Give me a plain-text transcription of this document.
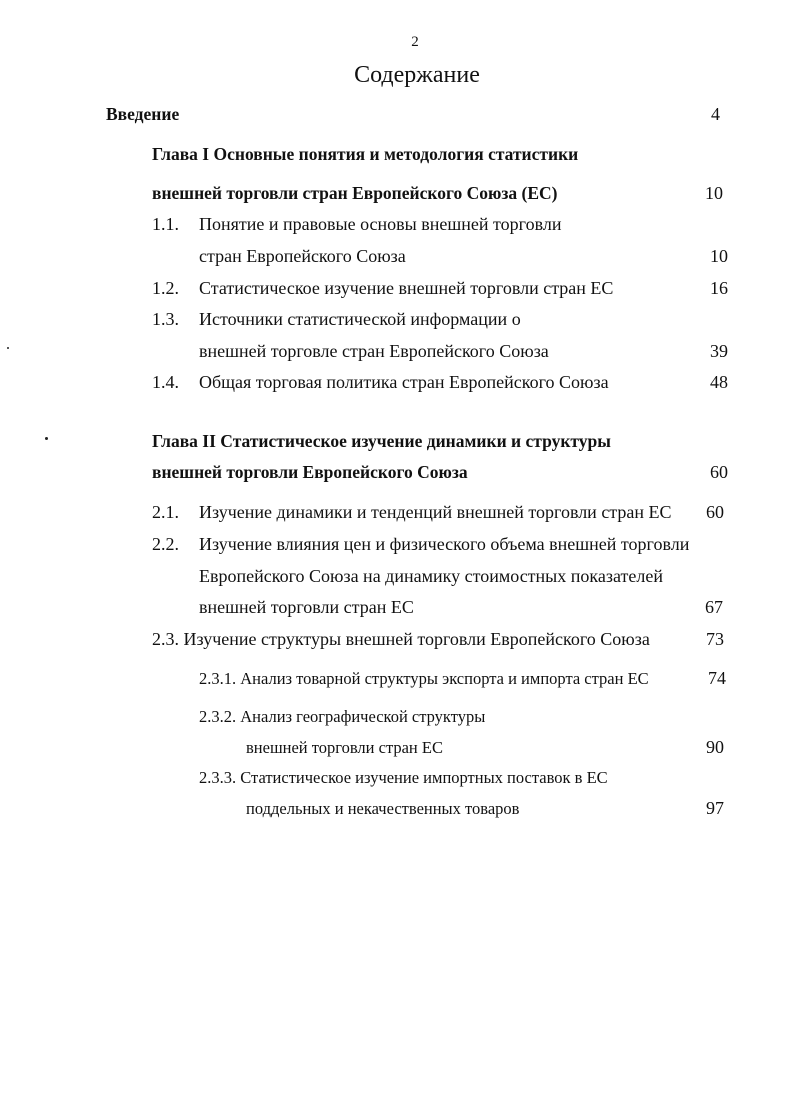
2
Содержание
Введение	4
Глава I Основные понятия и методология статистики
внешней торговли стран Европейского Союза (ЕС)	10
1.1. Понятие и правовые основы внешней торговли
стран Европейского Союза	10
1.2. Статистическое изучение внешней торговли стран ЕС	16
1.3. Источники статистической информации о
внешней торговле стран Европейского Союза	39
1.4. Общая торговая политика стран Европейского Союза	48
Глава II Статистическое изучение динамики и структуры
внешней торговли Европейского Союза	60
2.1. Изучение динамики и тенденций внешней торговли стран ЕС 60
2.2. Изучение влияния цен и физического объема внешней торговли
Европейского Союза на динамику стоимостных показателей
внешней торговли стран ЕС	67
2.3. Изучение структуры внешней торговли Европейского Союза	73
2.3.1. Анализ товарной структуры экспорта и импорта стран ЕС	74
2.3.2. Анализ географической структуры
внешней торговли стран ЕС	90
2.3.3. Статистическое изучение импортных поставок в ЕС
поддельных и некачественных товаров	97
